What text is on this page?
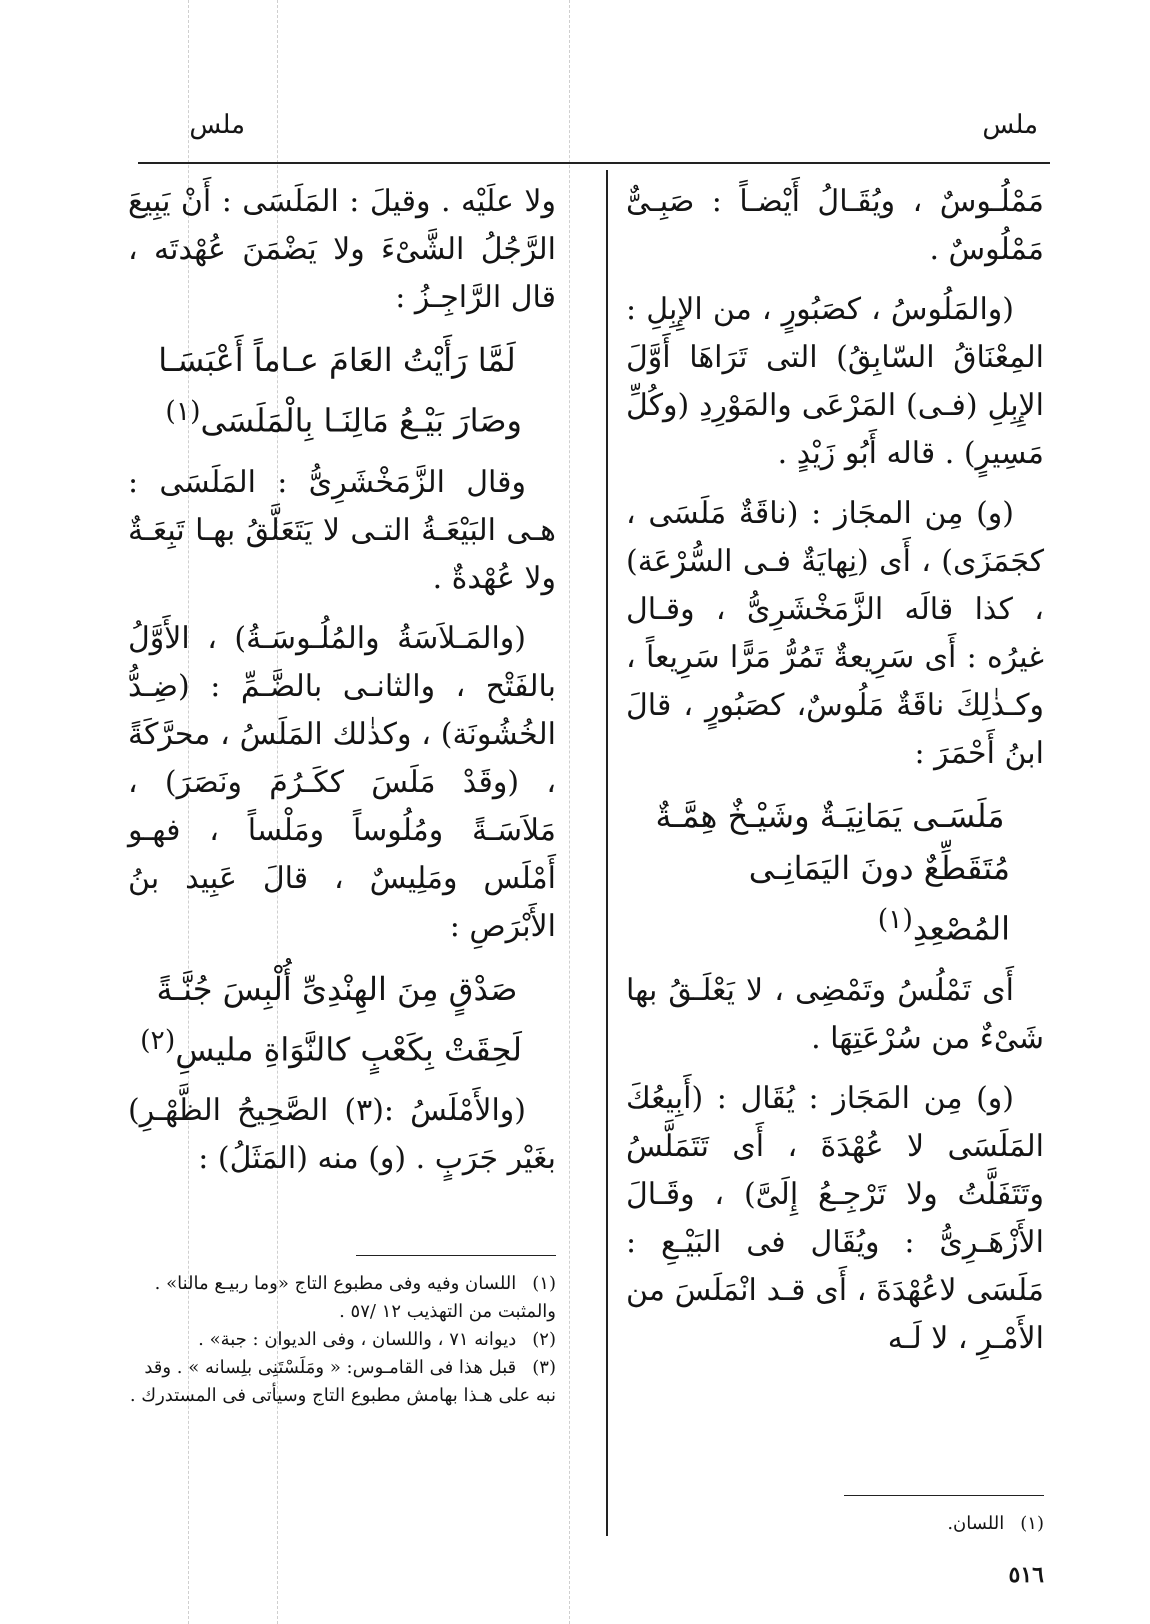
ملس
ملس

مَمْلُـوسٌ ، ويُقَـالُ أَيْضـاً : صَبِـىٌّ مَمْلُوسٌ .

(والمَلُوسُ ، كصَبُورٍ ، من الإِبِلِ : المِعْنَاقُ السّابِقُ) التى تَرَاهَا أَوَّلَ الإِبِلِ (فـى) المَرْعَى والمَوْرِدِ (وكُلِّ مَسِيرٍ) . قاله أَبُو زَيْدٍ .

(و) مِن المجَاز : (ناقَةٌ مَلَسَى ، كجَمَزَى) ، أَى (نِهايَةٌ فـى السُّرْعَة) ، كذا قالَه الزَّمَخْشَرِىُّ ، وقـال غيرُه : أَى سَرِيعةٌ تَمُرُّ مَرًّا سَرِيعاً ، وكـذٰلِكَ ناقَةٌ مَلُوسٌ، كصَبُورٍ ، قالَ ابنُ أَحْمَرَ :

مَلَسَـى يَمَانِيَـةٌ وشَيْـخٌ هِمَّـةٌ
مُتَقَطِّعٌ دونَ اليَمَانِـى المُصْعِدِ$^{(١)}$

أَى تَمْلُسُ وتَمْضِى ، لا يَعْلَـقُ بها شَىْءٌ من سُرْعَتِهَا .

(و) مِن المَجَاز : يُقَال : (أَبِيعُكَ المَلَسَى لا عُهْدَةَ ، أَى تَتَمَلَّسُ وتَتَفَلَّتُ ولا تَرْجِـعُ إِلَىَّ) ، وقَـالَ الأَزْهَـرِىُّ : ويُقَال فى البَيْـعِ : مَلَسَى لاعُهْدَةَ ، أَى قـد انْمَلَسَ من الأَمْـرِ ، لا لَـه

(١) اللسان.

ولا علَيْه . وقيلَ : المَلَسَى : أَنْ يَبِيعَ الرَّجُلُ الشَّىْءَ ولا يَضْمَنَ عُهْدتَه ، قال الرَّاجِـزُ :

لَمَّا رَأَيْتُ العَامَ عـاماً أَعْبَسَـا
وصَارَ بَيْـعُ مَالِنَـا بِالْمَلَسَى$^{(١)}$

وقال الزَّمَخْشَرِىُّ : المَلَسَى : هـى البَيْعَـةُ التـى لا يَتَعَلَّقُ بهـا تَبِعَـةٌ ولا عُهْدةٌ .

(والمَـلاَسَةُ والمُلُـوسَـةُ) ، الأَوَّلُ بالفَتْح ، والثانـى بالضَّـمِّ : (ضِـدُّ الخُشُونَة) ، وكذٰلك المَلَسُ ، محرَّكَةً ، (وقَدْ مَلَسَ ككَـرُمَ ونَصَرَ) ، مَلاَسَـةً ومُلُوساً ومَلْساً ، فهـو أَمْلَس ومَلِيسٌ ، قالَ عَبِيد بنُ الأَبْرَصِ :

صَدْقٍ مِنَ الهِنْدِىِّ أُلْبِسَ جُنَّـةً
لَحِقَتْ بِكَعْبٍ كالنَّوَاةِ مليسِ$^{(٢)}$

(والأَمْلَسُ :(٣) الصَّحِيحُ الظَّهْـرِ) بغَيْر جَرَبٍ . (و) منه (المَثَلُ) :

(١) اللسان وفيه وفى مطبوع التاج «وما ربيـع مالنا» . والمثبت من التهذيب ١٢ /٥٧ .
(٢) ديوانه ٧١ ، واللسان ، وفى الديوان : جبة» .
(٣) قبل هذا فى القامـوس: « ومَلَسْتَنِى بلِسانه » . وقد نبه على هـذا بهامش مطبوع التاج وسيأتى فى المستدرك .
٥١٦
